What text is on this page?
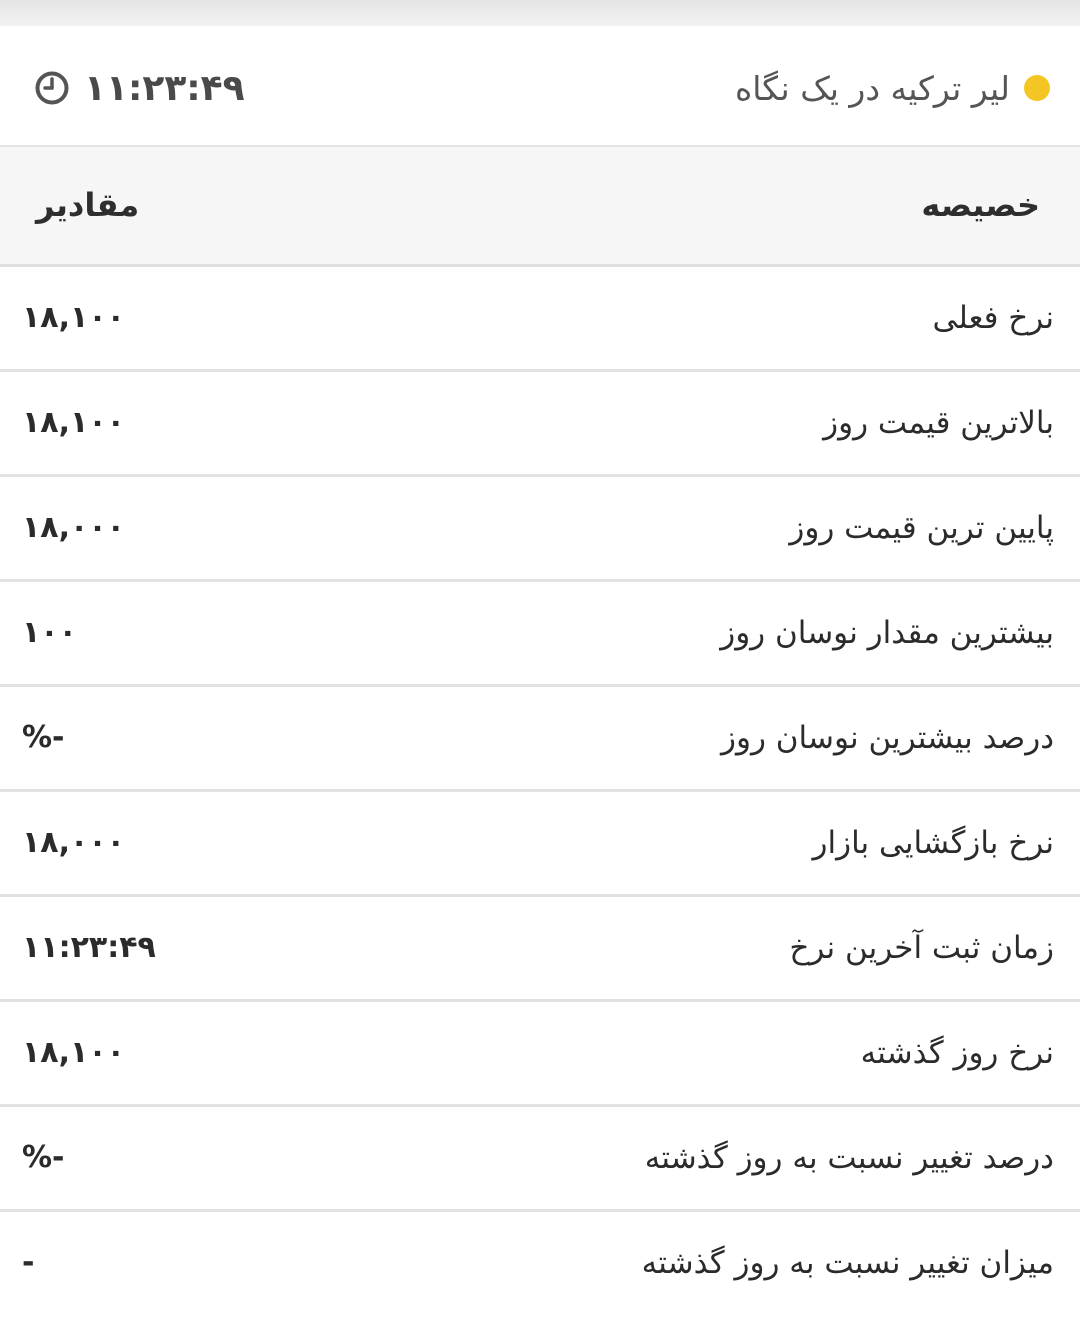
لیر ترکیه در یک نگاه
۱۱:۲۳:۴۹
خصیصه
مقادیر
نرخ فعلی
۱۸,۱۰۰
بالاترین قیمت روز
۱۸,۱۰۰
پایین ترین قیمت روز
۱۸,۰۰۰
بیشترین مقدار نوسان روز
۱۰۰
درصد بیشترین نوسان روز
%-
نرخ بازگشایی بازار
۱۸,۰۰۰
زمان ثبت آخرین نرخ
۱۱:۲۳:۴۹
نرخ روز گذشته
۱۸,۱۰۰
درصد تغییر نسبت به روز گذشته
%-
میزان تغییر نسبت به روز گذشته
-
